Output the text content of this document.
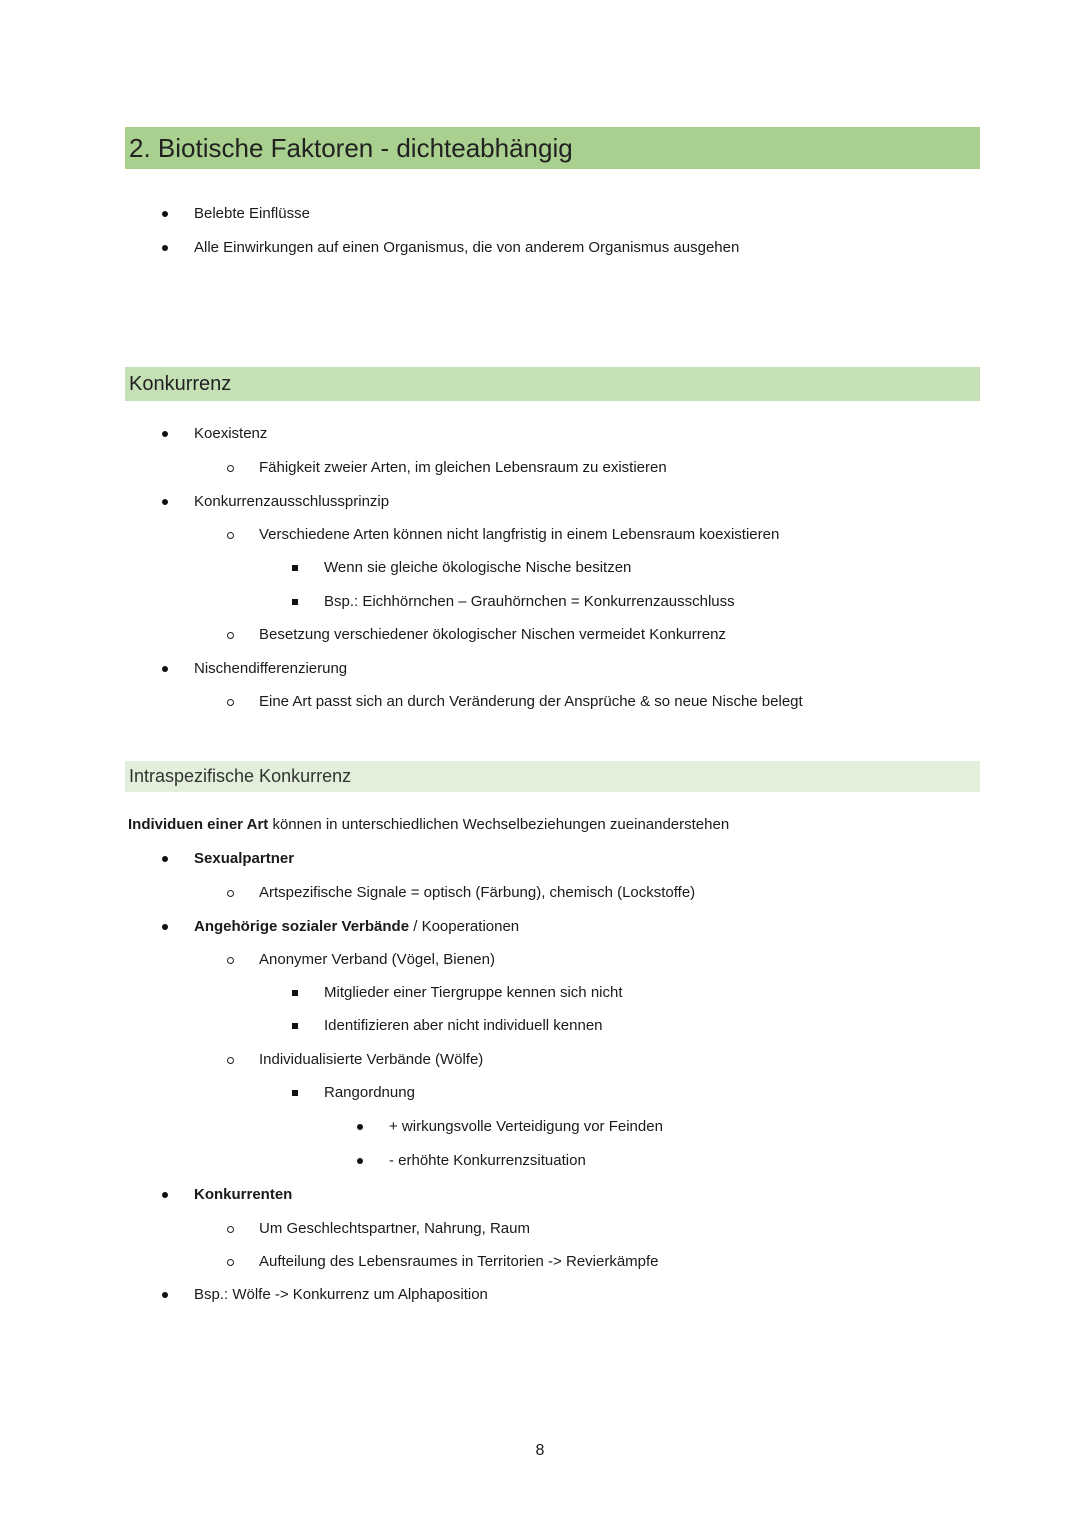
2. Biotische Faktoren - dichteabhängig
Belebte Einflüsse
Alle Einwirkungen auf einen Organismus, die von anderem Organismus ausgehen
Konkurrenz
Koexistenz
Fähigkeit zweier Arten, im gleichen Lebensraum zu existieren
Konkurrenzausschlussprinzip
Verschiedene Arten können nicht langfristig in einem Lebensraum koexistieren
Wenn sie gleiche ökologische Nische besitzen
Bsp.: Eichhörnchen – Grauhörnchen = Konkurrenzausschluss
Besetzung verschiedener ökologischer Nischen vermeidet Konkurrenz
Nischendifferenzierung
Eine Art passt sich an durch Veränderung der Ansprüche & so neue Nische belegt
Intraspezifische Konkurrenz
Individuen einer Art können in unterschiedlichen Wechselbeziehungen zueinanderstehen
Sexualpartner
Artspezifische Signale = optisch (Färbung), chemisch (Lockstoffe)
Angehörige sozialer Verbände / Kooperationen
Anonymer Verband (Vögel, Bienen)
Mitglieder einer Tiergruppe kennen sich nicht
Identifizieren aber nicht individuell kennen
Individualisierte Verbände (Wölfe)
Rangordnung
+ wirkungsvolle Verteidigung vor Feinden
- erhöhte Konkurrenzsituation
Konkurrenten
Um Geschlechtspartner, Nahrung, Raum
Aufteilung des Lebensraumes in Territorien -> Revierkämpfe
Bsp.: Wölfe -> Konkurrenz um Alphaposition
8
